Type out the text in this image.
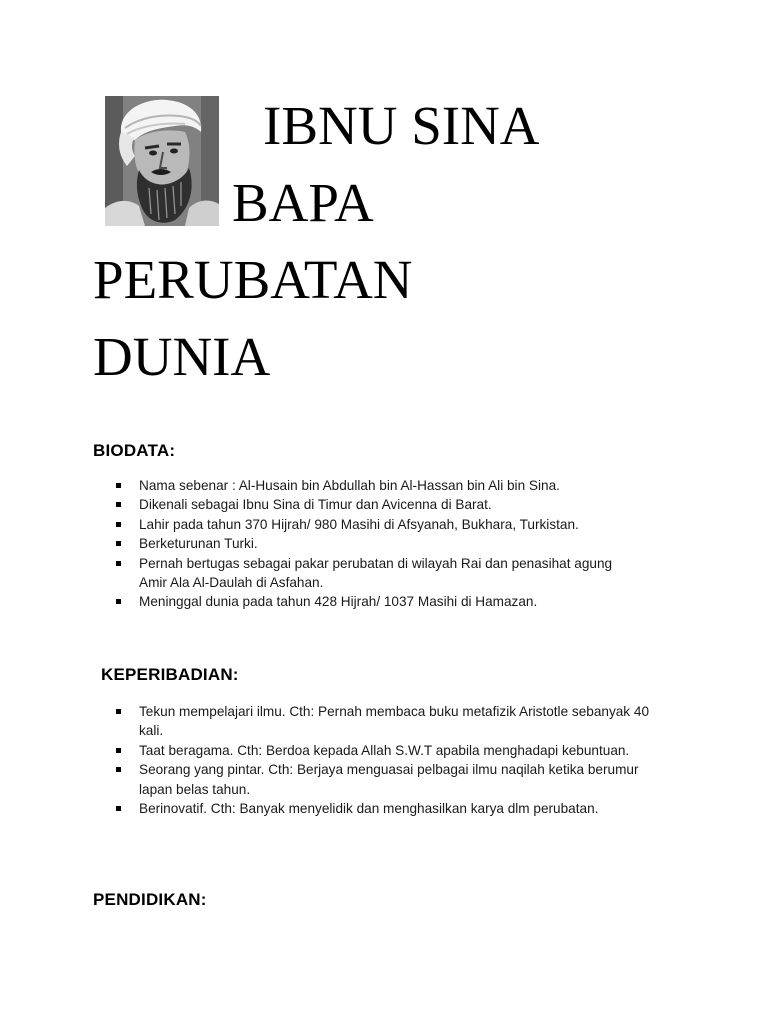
IBNU SINA
BAPA
PERUBATAN
DUNIA
BIODATA:
Nama sebenar : Al-Husain bin Abdullah bin Al-Hassan bin Ali bin Sina.
Dikenali sebagai Ibnu Sina di Timur dan Avicenna di Barat.
Lahir pada tahun 370 Hijrah/ 980 Masihi di Afsyanah, Bukhara, Turkistan.
Berketurunan Turki.
Pernah bertugas sebagai pakar perubatan di wilayah Rai dan penasihat agung Amir Ala Al-Daulah di Asfahan.
Meninggal dunia pada tahun 428 Hijrah/ 1037 Masihi di Hamazan.
KEPERIBADIAN:
Tekun mempelajari ilmu. Cth: Pernah membaca buku metafizik Aristotle sebanyak 40 kali.
Taat beragama. Cth: Berdoa kepada Allah S.W.T apabila menghadapi kebuntuan.
Seorang yang pintar. Cth: Berjaya menguasai pelbagai ilmu naqilah ketika berumur lapan belas tahun.
Berinovatif. Cth: Banyak menyelidik dan menghasilkan karya dlm perubatan.
PENDIDIKAN:
